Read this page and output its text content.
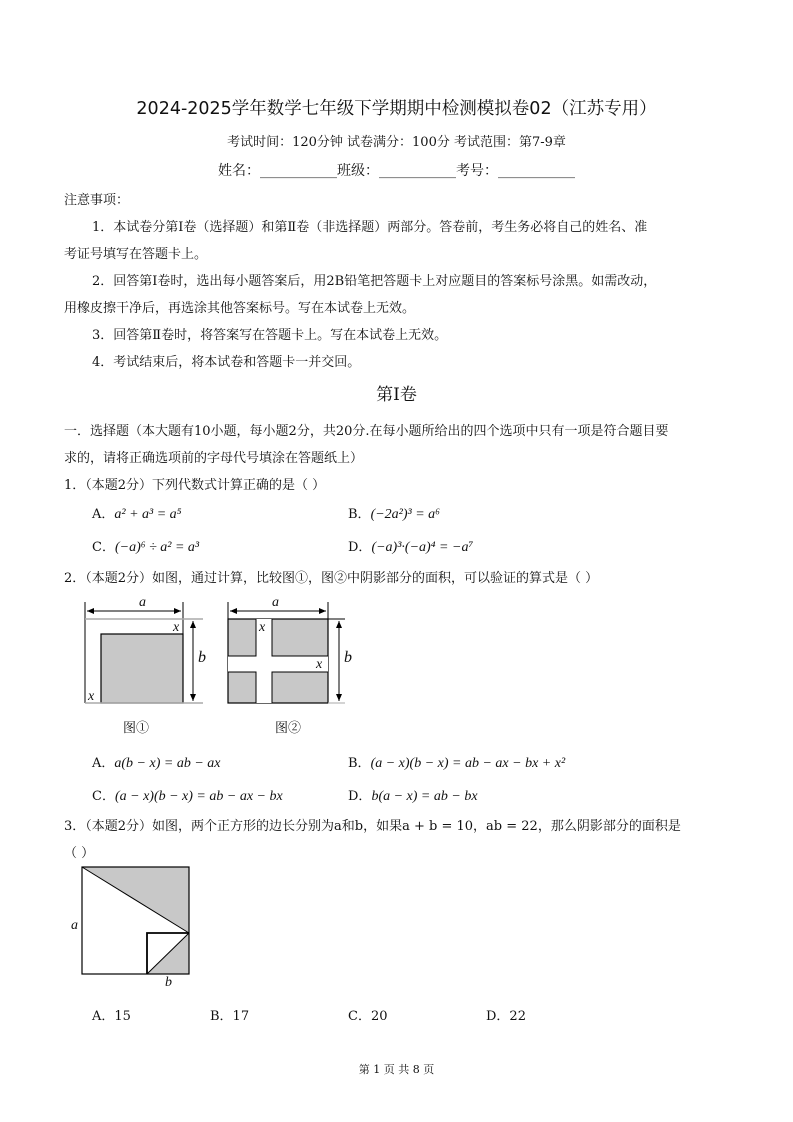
2024-2025学年数学七年级下学期期中检测模拟卷02（江苏专用）
考试时间：120分钟 试卷满分：100分 考试范围：第7-9章
姓名：___________班级：___________考号：___________
注意事项：
1．本试卷分第Ⅰ卷（选择题）和第Ⅱ卷（非选择题）两部分。答卷前，考生务必将自己的姓名、准
考证号填写在答题卡上。
2．回答第Ⅰ卷时，选出每小题答案后，用2B铅笔把答题卡上对应题目的答案标号涂黑。如需改动，
用橡皮擦干净后，再选涂其他答案标号。写在本试卷上无效。
3．回答第Ⅱ卷时，将答案写在答题卡上。写在本试卷上无效。
4．考试结束后，将本试卷和答题卡一并交回。
第I卷
一．选择题（本大题有10小题，每小题2分，共20分.在每小题所给出的四个选项中只有一项是符合题目要
求的，请将正确选项前的字母代号填涂在答题纸上）
1．（本题2分）下列代数式计算正确的是（ ）
A．a² + a³ = a⁵	B．(−2a²)³ = a⁶
C．(−a)⁶ ÷ a² = a³	D．(−a)³·(−a)⁴ = −a⁷
2．（本题2分）如图，通过计算，比较图①，图②中阴影部分的面积，可以验证的算式是（ ）
a
x
x
b
a
x
x b
图①	图②
A．a(b − x) = ab − ax	B．(a − x)(b − x) = ab − ax − bx + x²
C．(a − x)(b − x) = ab − ax − bx	D．b(a − x) = ab − bx
3．（本题2分）如图，两个正方形的边长分别为a和b，如果a + b = 10，ab = 22，那么阴影部分的面积是
（ ）
a
b
A．15	B．17	C．20	D．22
第 1 页 共 8 页
